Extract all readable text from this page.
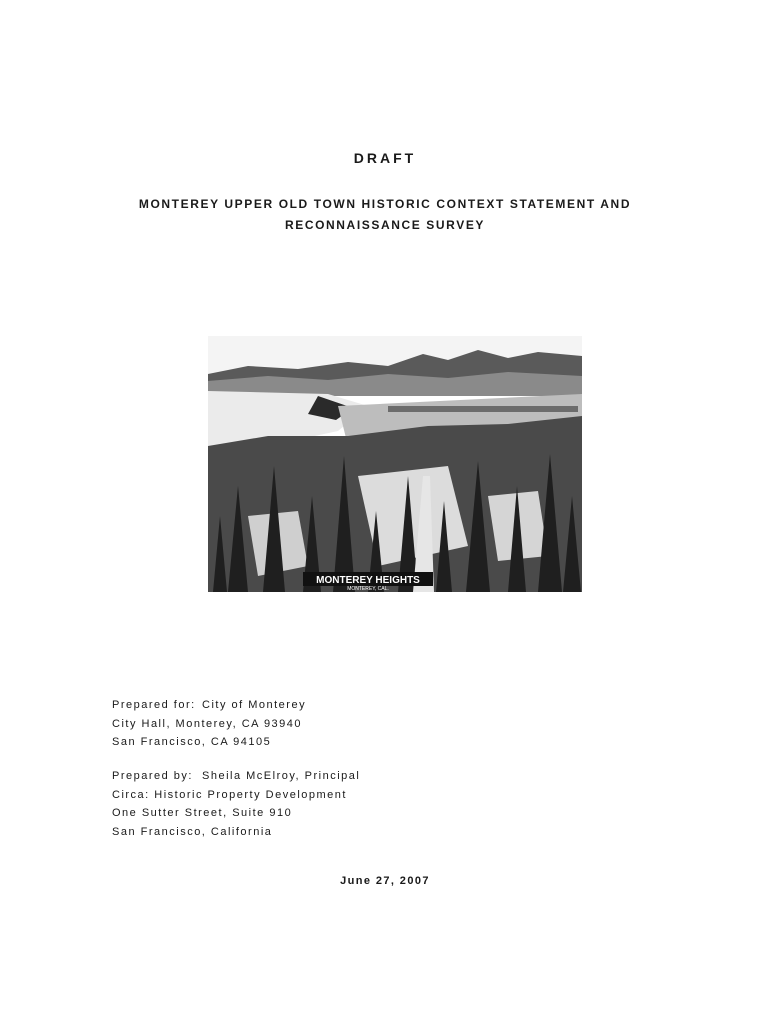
DRAFT
MONTEREY UPPER OLD TOWN HISTORIC CONTEXT STATEMENT AND
RECONNAISSANCE SURVEY
MONTEREY HEIGHTS
MONTEREY, CAL.
Prepared for: City of Monterey
City Hall, Monterey, CA 93940
San Francisco, CA 94105
Prepared by: Sheila McElroy, Principal
Circa: Historic Property Development
One Sutter Street, Suite 910
San Francisco, California
June 27, 2007
